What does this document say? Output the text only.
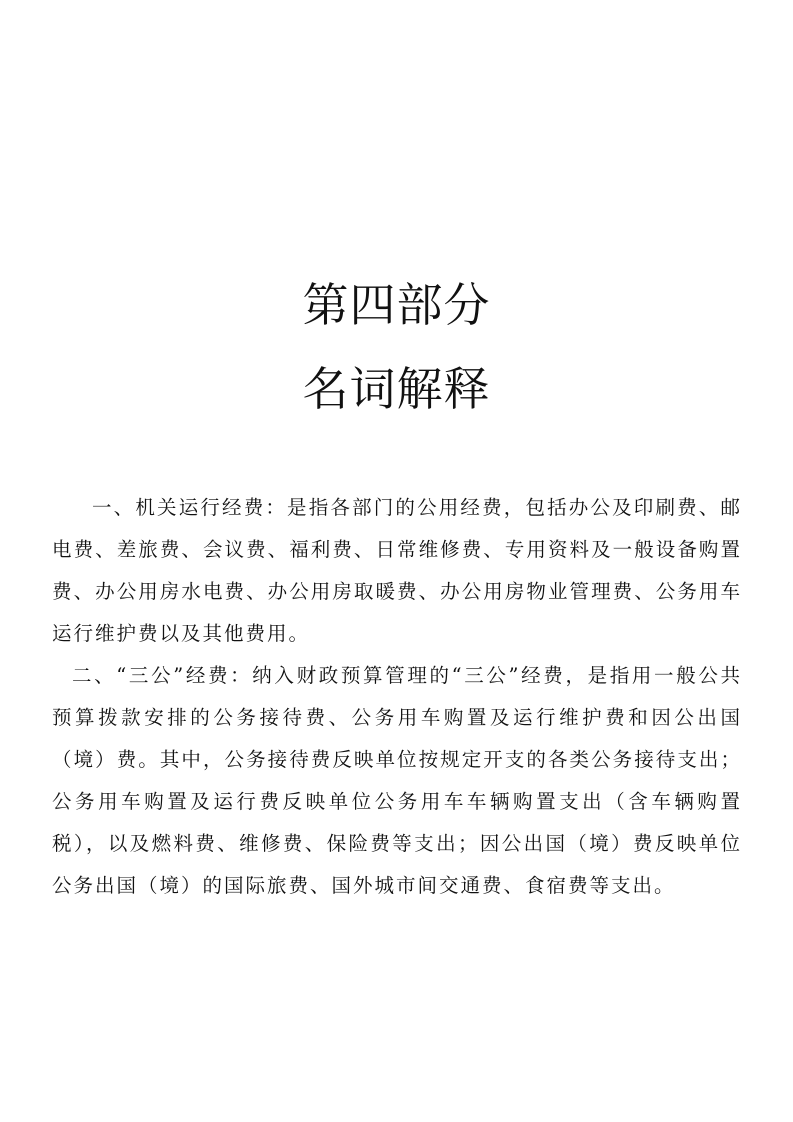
第四部分
名词解释

一、机关运行经费：是指各部门的公用经费，包括办公及印刷费、邮电费、差旅费、会议费、福利费、日常维修费、专用资料及一般设备购置费、办公用房水电费、办公用房取暖费、办公用房物业管理费、公务用车运行维护费以及其他费用。

二、“三公”经费：纳入财政预算管理的“三公”经费，是指用一般公共预算拨款安排的公务接待费、公务用车购置及运行维护费和因公出国（境）费。其中，公务接待费反映单位按规定开支的各类公务接待支出；公务用车购置及运行费反映单位公务用车车辆购置支出（含车辆购置税），以及燃料费、维修费、保险费等支出；因公出国（境）费反映单位公务出国（境）的国际旅费、国外城市间交通费、食宿费等支出。
